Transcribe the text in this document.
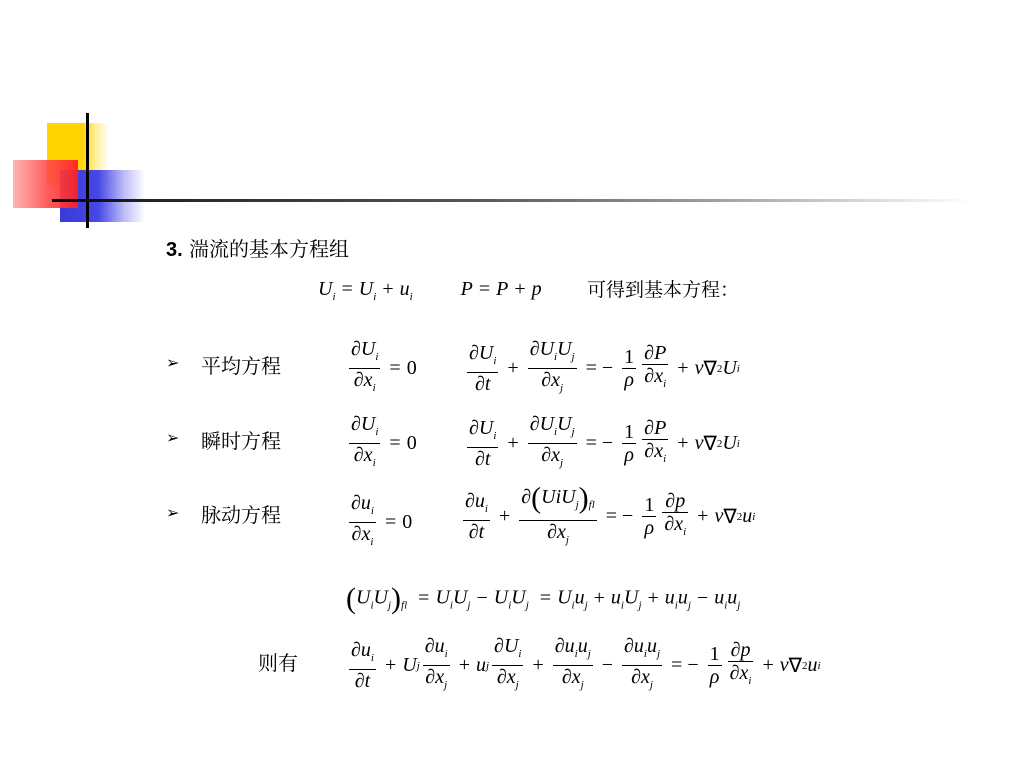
3. 湍流的基本方程组
$U_i = U_i + u_i$  P = P + p 可得到基本方程：
➢ 平均方程	$\frac{\partial U_i}{\partial x_i} = 0$	$\frac{\partial U_i}{\partial t} + \frac{\partial U_iU_j}{\partial x_j}$ = − $\frac{1}{\rho} \frac{\partial P}{\partial x_i} + \nu$ ∇ 2 U i
➢ 瞬时方程	$\frac{\partial U_i}{\partial x_i} = 0$	$\frac{\partial U_i}{\partial t} + \frac{\partial U_iU_j}{\partial x_j}$ = − $\frac{1}{\rho} \frac{\partial P}{\partial x_i} + \nu$ ∇ 2 U i
➢ 脉动方程	$\frac{\partial u_i}{\partial x_i} = 0$	$\frac{\partial u_i}{\partial t} + \frac{\partial(UiU_j)_{fl}}{\partial x_j}$ = − $\frac{1}{\rho} \frac{\partial p}{\partial x_i} + \nu$ ∇ 2 u i
$(U_iU_j)_{fl} = U_iU_j - U_iU_j = U_iu_j + u_iU_j + u_iu_j - u_iu_j$
则有	$\frac{\partial u_i}{\partial t} + U$ j $\frac{\partial u_i}{\partial x_j} + u$ j $\frac{\partial U_i}{\partial x_j} + \frac{\partial u_iu_j}{\partial x_j} - \frac{\partial u_iu_j}{\partial x_j}$ = − $\frac{1}{\rho} \frac{\partial p}{\partial x_i} + \nu$ ∇ 2 u i
